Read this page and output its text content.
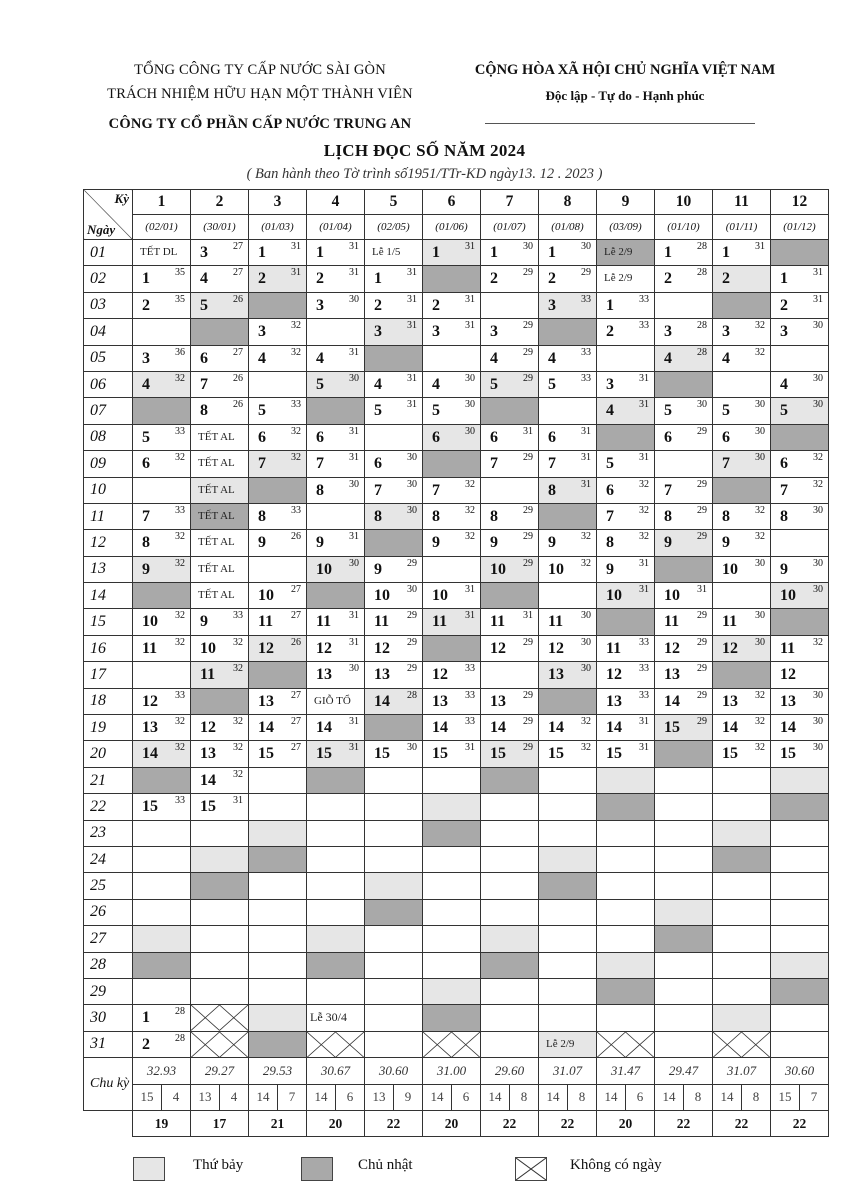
TỔNG CÔNG TY CẤP NƯỚC SÀI GÒN
TRÁCH NHIỆM HỮU HẠN MỘT THÀNH VIÊN
CÔNG TY CỔ PHẦN CẤP NƯỚC TRUNG AN
CỘNG HÒA XÃ HỘI CHỦ NGHĨA VIỆT NAM
Độc lập - Tự do - Hạnh phúc
LỊCH ĐỌC SỐ NĂM 2024
( Ban hành theo Tờ trình số1951/TTr-KD ngày13. 12 . 2023 )
Kỳ
Ngày	1		2		3		4		5		6		7		8		9		10		11		12	
	(02/01)		(30/01)		(01/03)		(01/04)		(02/05)		(01/06)		(01/07)		(01/08)		(03/09)		(01/10)		(01/11)		(01/12)	
01	TẾT DL		3 27		1 31		1 31		Lễ 1/5		1 31		1 30		1 30		Lễ 2/9		1 28		1 31			

02	1 35		4 27		2 31		2 31		1 31				2 29		2 29		Lễ 2/9		2 28		2		1 31	

03	2 35		5 26				3 30		2 31		2 31				3 33		1 33						2 31	

04					3 32				3 31		3 31		3 29				2 33		3 28		3 32		3 30	

05	3 36		6 27		4 32		4 31						4 29		4 33				4 28		4 32			

06	4 32		7 26				5 30		4 31		4 30		5 29		5 33		3 31						4 30	

07			8 26		5 33				5 31		5 30						4 31		5 30		5 30		5 30	

08	5 33		TẾT AL		6 32		6 31				6 30		6 31		6 31				6 29		6 30			

09	6 32		TẾT AL		7 32		7 31		6 30				7 29		7 31		5 31				7 30		6 32	

10			TẾT AL				8 30		7 30		7 32				8 31		6 32		7 29				7 32	

11	7 33		TẾT AL		8 33				8 30		8 32		8 29				7 32		8 29		8 32		8 30	

12	8 32		TẾT AL		9 26		9 31				9 32		9 29		9 32		8 32		9 29		9 32			

13	9 32		TẾT AL				10 30		9 29				10 29		10 32		9 31				10 30		9 30	

14			TẾT AL		10 27				10 30		10 31						10 31		10 31				10 30	

15	10 32		9 33		11 27		11 31		11 29		11 31		11 31		11 30				11 29		11 30			

16	11 32		10 32		12 26		12 31		12 29				12 29		12 30		11 33		12 29		12 30		11 32	

17			11 32				13 30		13 29		12 33				13 30		12 33		13 29				12	

18	12 33				13 27		GIỖ TỔ		14 28		13 33		13 29				13 33		14 29		13 32		13 30	

19	13 32		12 32		14 27		14 31				14 33		14 29		14 32		14 31		15 29		14 32		14 30	

20	14 32		13 32		15 27		15 31		15 30		15 31		15 29		15 32		15 31				15 32		15 30	

21			14 32																					

22	15 33		15 31																					

23																								
24																								
25																								
26																								
27																								
28																								
29																								
30	1 28						Lễ 30/4																	

31	2 28														Lễ 2/9

Chu kỳ	32.93		29.27		29.53		30.67		30.60		31.00		29.60		31.07		31.47		29.47		31.07		30.60	
	15	4	13	4	14	7	14	6	13	9	14	6	14	8	14	8	14	6	14	8	14	8	15	7
	19		17		21		20		22		20		22		22		20		22		22		22	
Thứ bảy	Chủ nhật	Không có ngày
